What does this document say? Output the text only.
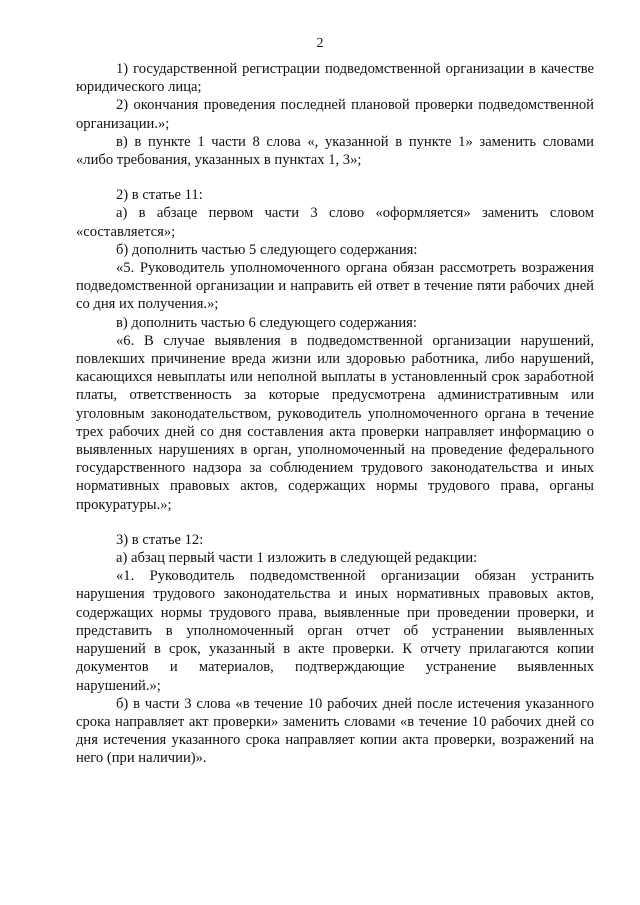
2

1) государственной регистрации подведомственной организации в качестве юридического лица;

2) окончания проведения последней плановой проверки подведомственной организации.»;

в) в пункте 1 части 8 слова «, указанной в пункте 1» заменить словами «либо требования, указанных в пунктах 1, 3»;

2) в статье 11:

а) в абзаце первом части 3 слово «оформляется» заменить словом «составляется»;

б) дополнить частью 5 следующего содержания:

«5. Руководитель уполномоченного органа обязан рассмотреть возражения подведомственной организации и направить ей ответ в течение пяти рабочих дней со дня их получения.»;

в) дополнить частью 6 следующего содержания:

«6. В случае выявления в подведомственной организации нарушений, повлекших причинение вреда жизни или здоровью работника, либо нарушений, касающихся невыплаты или неполной выплаты в установленный срок заработной платы, ответственность за которые предусмотрена административным или уголовным законодательством, руководитель уполномоченного органа в течение трех рабочих дней со дня составления акта проверки направляет информацию о выявленных нарушениях в орган, уполномоченный на проведение федерального государственного надзора за соблюдением трудового законодательства и иных нормативных правовых актов, содержащих нормы трудового права, органы прокуратуры.»;

3) в статье 12:

а) абзац первый части 1 изложить в следующей редакции:

«1. Руководитель подведомственной организации обязан устранить нарушения трудового законодательства и иных нормативных правовых актов, содержащих нормы трудового права, выявленные при проведении проверки, и представить в уполномоченный орган отчет об устранении выявленных нарушений в срок, указанный в акте проверки. К отчету прилагаются копии документов и материалов, подтверждающие устранение выявленных нарушений.»;

б) в части 3 слова «в течение 10 рабочих дней после истечения указанного срока направляет акт проверки» заменить словами «в течение 10 рабочих дней со дня истечения указанного срока направляет копии акта проверки, возражений на него (при наличии)».
